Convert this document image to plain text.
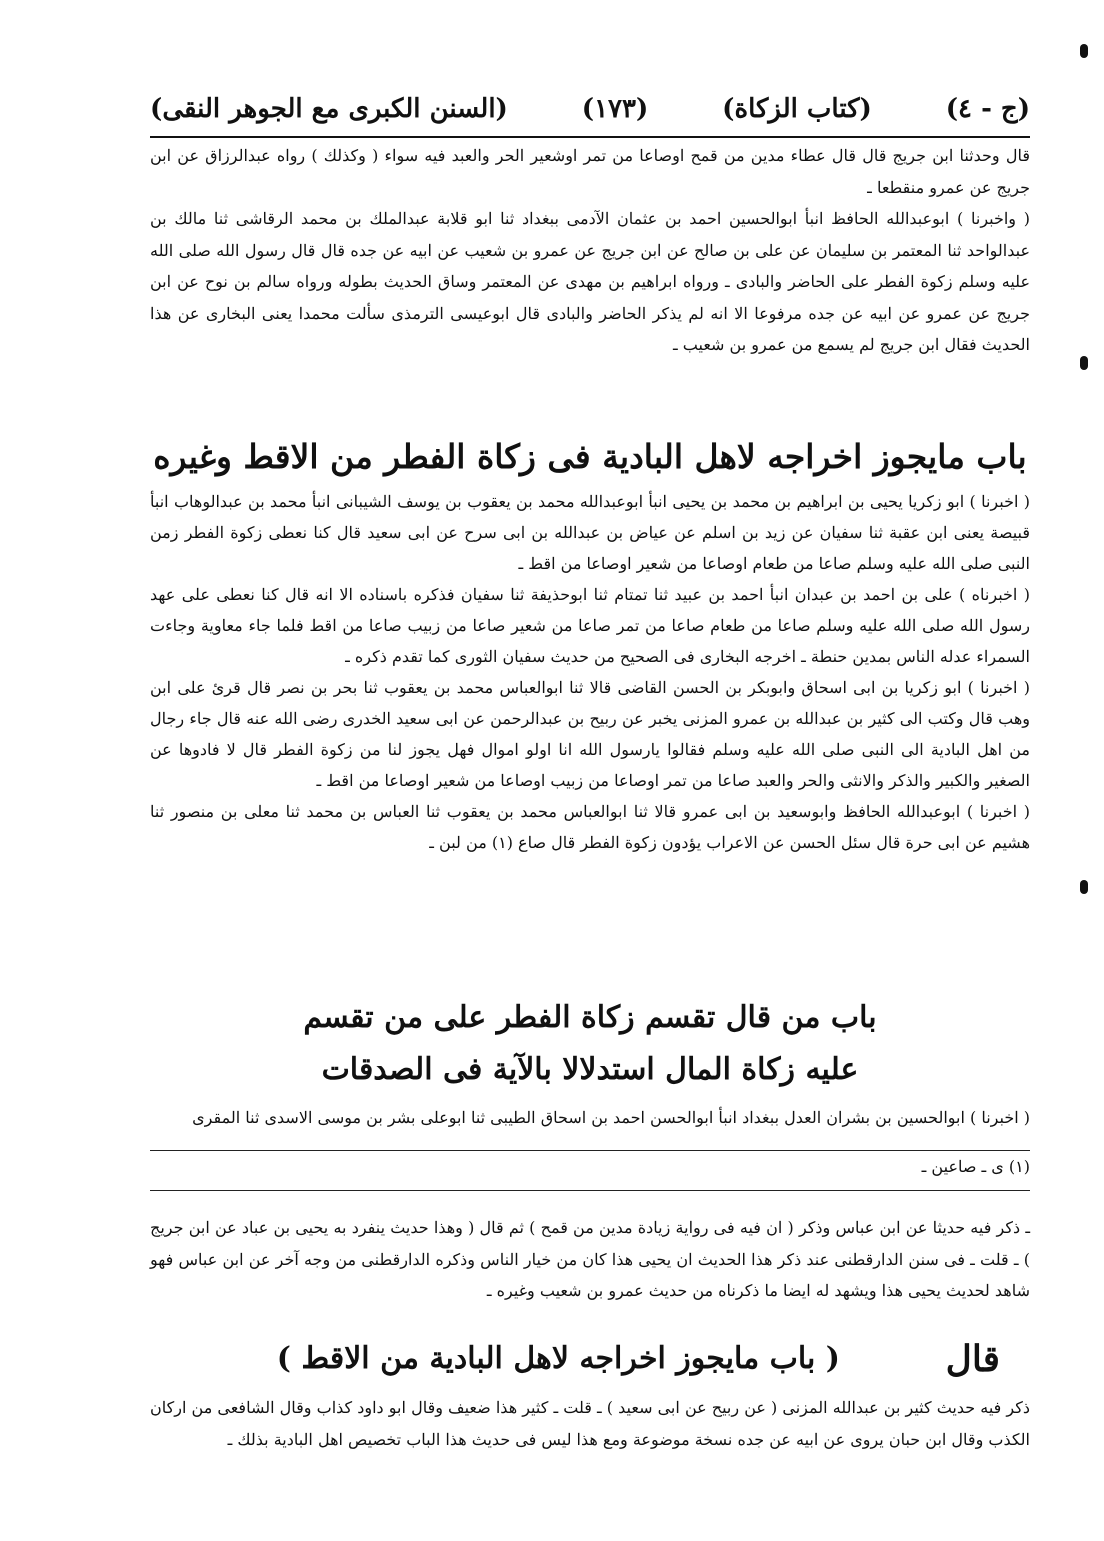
(السنن الكبرى مع الجوهر النقى)	(١٧٣)	(كتاب الزكاة)	(ج - ٤)

قال وحدثنا ابن جريج قال قال عطاء مدين من قمح اوصاعا من تمر اوشعير الحر والعبد فيه سواء ( وكذلك ) رواه عبدالرزاق عن ابن جريج عن عمرو منقطعا ـ

( واخبرنا ) ابوعبدالله الحافظ انبأ ابوالحسين احمد بن عثمان الآدمى ببغداد ثنا ابو قلابة عبدالملك بن محمد الرقاشى ثنا مالك بن عبدالواحد ثنا المعتمر بن سليمان عن على بن صالح عن ابن جريج عن عمرو بن شعيب عن ابيه عن جده قال قال رسول الله صلى الله عليه وسلم زكوة الفطر على الحاضر والبادى ـ ورواه ابراهيم بن مهدى عن المعتمر وساق الحديث بطوله ورواه سالم بن نوح عن ابن جريج عن عمرو عن ابيه عن جده مرفوعا الا انه لم يذكر الحاضر والبادى قال ابوعيسى الترمذى سألت محمدا يعنى البخارى عن هذا الحديث فقال ابن جريج لم يسمع من عمرو بن شعيب ـ

باب مايجوز اخراجه لاهل البادية فى زكاة الفطر من الاقط وغيره

( اخبرنا ) ابو زكريا يحيى بن ابراهيم بن محمد بن يحيى انبأ ابوعبدالله محمد بن يعقوب بن يوسف الشيبانى انبأ محمد بن عبدالوهاب انبأ قبيصة يعنى ابن عقبة ثنا سفيان عن زيد بن اسلم عن عياض بن عبدالله بن ابى سرح عن ابى سعيد قال كنا نعطى زكوة الفطر زمن النبى صلى الله عليه وسلم صاعا من طعام اوصاعا من شعير اوصاعا من اقط ـ

( اخبرناه ) على بن احمد بن عبدان انبأ احمد بن عبيد ثنا تمتام ثنا ابوحذيفة ثنا سفيان فذكره باسناده الا انه قال كنا نعطى على عهد رسول الله صلى الله عليه وسلم صاعا من طعام صاعا من تمر صاعا من شعير صاعا من زبيب صاعا من اقط فلما جاء معاوية وجاءت السمراء عدله الناس بمدين حنطة ـ اخرجه البخارى فى الصحيح من حديث سفيان الثورى كما تقدم ذكره ـ

( اخبرنا ) ابو زكريا بن ابى اسحاق وابوبكر بن الحسن القاضى قالا ثنا ابوالعباس محمد بن يعقوب ثنا بحر بن نصر قال قرئ على ابن وهب قال وكتب الى كثير بن عبدالله بن عمرو المزنى يخبر عن ربيح بن عبدالرحمن عن ابى سعيد الخدرى رضى الله عنه قال جاء رجال من اهل البادية الى النبى صلى الله عليه وسلم فقالوا يارسول الله انا اولو اموال فهل يجوز لنا من زكوة الفطر قال لا فادوها عن الصغير والكبير والذكر والانثى والحر والعبد صاعا من تمر اوصاعا من زبيب اوصاعا من شعير اوصاعا من اقط ـ

( اخبرنا ) ابوعبدالله الحافظ وابوسعيد بن ابى عمرو قالا ثنا ابوالعباس محمد بن يعقوب ثنا العباس بن محمد ثنا معلى بن منصور ثنا هشيم عن ابى حرة قال سئل الحسن عن الاعراب يؤدون زكوة الفطر قال صاع (١) من لبن ـ

باب من قال تقسم زكاة الفطر على من تقسم
عليه زكاة المال استدلالا بالآية فى الصدقات

( اخبرنا ) ابوالحسين بن بشران العدل ببغداد انبأ ابوالحسن احمد بن اسحاق الطيبى ثنا ابوعلى بشر بن موسى الاسدى ثنا المقرى

(١) ى ـ صاعين ـ

ـ ذكر فيه حديثا عن ابن عباس وذكر ( ان فيه فى رواية زيادة مدين من قمح ) ثم قال ( وهذا حديث ينفرد به يحيى بن عباد عن ابن جريج ) ـ قلت ـ فى سنن الدارقطنى عند ذكر هذا الحديث ان يحيى هذا كان من خيار الناس وذكره الدارقطنى من وجه آخر عن ابن عباس فهو شاهد لحديث يحيى هذا ويشهد له ايضا ما ذكرناه من حديث عمرو بن شعيب وغيره ـ

قال
( باب مايجوز اخراجه لاهل البادية من الاقط )

ذكر فيه حديث كثير بن عبدالله المزنى ( عن ربيح عن ابى سعيد ) ـ قلت ـ كثير هذا ضعيف وقال ابو داود كذاب وقال الشافعى من اركان الكذب وقال ابن حبان يروى عن ابيه عن جده نسخة موضوعة ومع هذا ليس فى حديث هذا الباب تخصيص اهل البادية بذلك ـ
